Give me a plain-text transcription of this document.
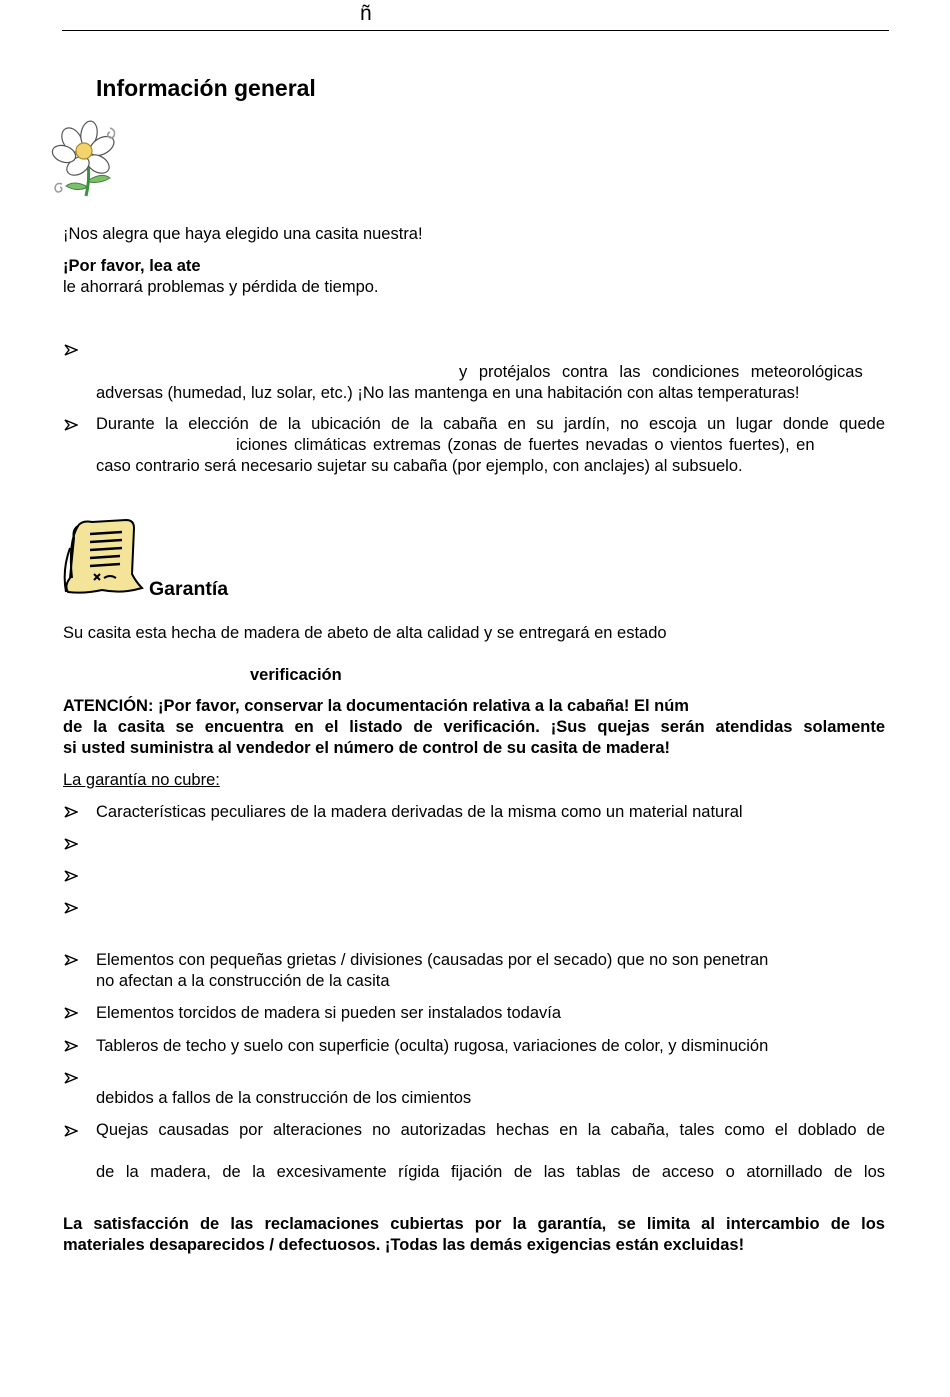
ñ
Información general
¡Nos alegra que haya elegido una casita nuestra!
¡Por favor, lea ate
le ahorrará problemas y pérdida de tiempo.
y protéjalos contra las condiciones meteorológicas
adversas (humedad, luz solar, etc.) ¡No las mantenga en una habitación con altas temperaturas!
Durante la elección de la ubicación de la cabaña en su jardín, no escoja un lugar donde quede
iciones climáticas extremas (zonas de fuertes nevadas o vientos fuertes), en
caso contrario será necesario sujetar su cabaña (por ejemplo, con anclajes) al subsuelo.
Garantía
Su casita esta hecha de madera de abeto de alta calidad y se entregará en estado
verificación
ATENCIÓN: ¡Por favor, conservar la documentación relativa a la cabaña! El núm
de la casita se encuentra en el listado de verificación. ¡Sus quejas serán atendidas solamente
si usted suministra al vendedor el número de control de su casita de madera!
La garantía no cubre:
Características peculiares de la madera derivadas de la misma como un material natural
Elementos con pequeñas grietas / divisiones (causadas por el secado) que no son penetran
no afectan a la construcción de la casita
Elementos torcidos de madera si pueden ser instalados todavía
Tableros de techo y suelo con superficie (oculta) rugosa, variaciones de color, y disminución
debidos a fallos de la construcción de los cimientos
Quejas causadas por alteraciones no autorizadas hechas en la cabaña, tales como el doblado de
de la madera, de la excesivamente rígida fijación de las tablas de acceso o atornillado de los
La satisfacción de las reclamaciones cubiertas por la garantía, se limita al intercambio de los
materiales desaparecidos / defectuosos. ¡Todas las demás exigencias están excluidas!
